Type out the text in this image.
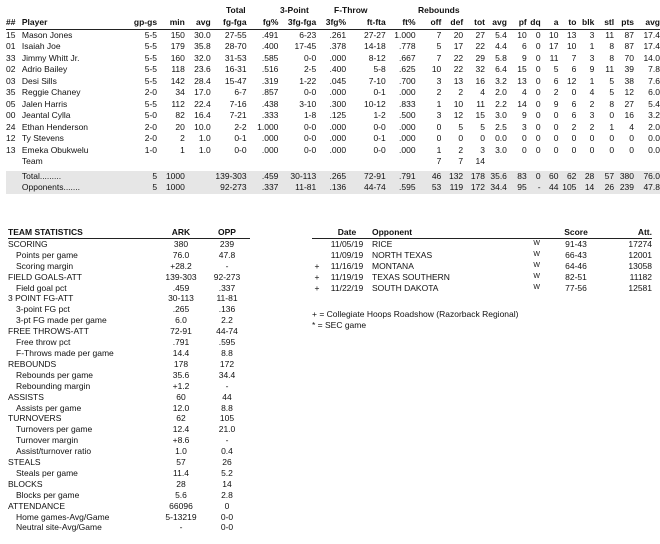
Total	3-Point	F-Throw	Rebounds
##	Player	gp-gs	min	avg	fg-fga	fg%	3fg-fga	3fg%	ft-fta	ft%	off	def	tot	avg	pf	dq	a	to	blk	stl	pts	avg
15	Mason Jones	5-5	150	30.0	27-55	.491	6-23	.261	27-27	1.000	7	20	27	5.4	10	0	10	13	3	11	87	17.4
01	Isaiah Joe	5-5	179	35.8	28-70	.400	17-45	.378	14-18	.778	5	17	22	4.4	6	0	17	10	1	8	87	17.4
33	Jimmy Whitt Jr.	5-5	160	32.0	31-53	.585	0-0	.000	8-12	.667	7	22	29	5.8	9	0	11	7	3	8	70	14.0
02	Adrio Bailey	5-5	118	23.6	16-31	.516	2-5	.400	5-8	.625	10	22	32	6.4	15	0	5	6	9	11	39	7.8
03	Desi Sills	5-5	142	28.4	15-47	.319	1-22	.045	7-10	.700	3	13	16	3.2	13	0	6	12	1	5	38	7.6
35	Reggie Chaney	2-0	34	17.0	6-7	.857	0-0	.000	0-1	.000	2	2	4	2.0	4	0	2	0	4	5	12	6.0
05	Jalen Harris	5-5	112	22.4	7-16	.438	3-10	.300	10-12	.833	1	10	11	2.2	14	0	9	6	2	8	27	5.4
00	Jeantal Cylla	5-0	82	16.4	7-21	.333	1-8	.125	1-2	.500	3	12	15	3.0	9	0	0	6	3	0	16	3.2
24	Ethan Henderson	2-0	20	10.0	2-2	1.000	0-0	.000	0-0	.000	0	5	5	2.5	3	0	0	2	2	1	4	2.0
12	Ty Stevens	2-0	2	1.0	0-1	.000	0-0	.000	0-1	.000	0	0	0	0.0	0	0	0	0	0	0	0	0.0
13	Emeka Obukwelu	1-0	1	1.0	0-0	.000	0-0	.000	0-0	.000	1	2	3	3.0	0	0	0	0	0	0	0	0.0
	Team										7	7	14									

	Total.........	5	1000		139-303	.459	30-113	.265	72-91	.791	46	132	178	35.6	83	0	60	62	28	57	380	76.0
	Opponents.......	5	1000		92-273	.337	11-81	.136	44-74	.595	53	119	172	34.4	95	-	44	105	14	26	239	47.8
TEAM STATISTICS	ARK	OPP
SCORING	380	239
Points per game	76.0	47.8
Scoring margin	+28.2	-
FIELD GOALS-ATT	139-303	92-273
Field goal pct	.459	.337
3 POINT FG-ATT	30-113	11-81
3-point FG pct	.265	.136
3-pt FG made per game	6.0	2.2
FREE THROWS-ATT	72-91	44-74
Free throw pct	.791	.595
F-Throws made per game	14.4	8.8
REBOUNDS	178	172
Rebounds per game	35.6	34.4
Rebounding margin	+1.2	-
ASSISTS	60	44
Assists per game	12.0	8.8
TURNOVERS	62	105
Turnovers per game	12.4	21.0
Turnover margin	+8.6	-
Assist/turnover ratio	1.0	0.4
STEALS	57	26
Steals per game	11.4	5.2
BLOCKS	28	14
Blocks per game	5.6	2.8
ATTENDANCE	66096	0
Home games-Avg/Game	5-13219	0-0
Neutral site-Avg/Game	-	0-0
	Date	Opponent		Score	Att.
	11/05/19	RICE	W	91-43	17274
	11/09/19	NORTH TEXAS	W	66-43	12001
+	11/16/19	MONTANA	W	64-46	13058
+	11/19/19	TEXAS SOUTHERN	W	82-51	11182
+	11/22/19	SOUTH DAKOTA	W	77-56	12581
+ = Collegiate Hoops Roadshow (Razorback Regional)
* = SEC game
